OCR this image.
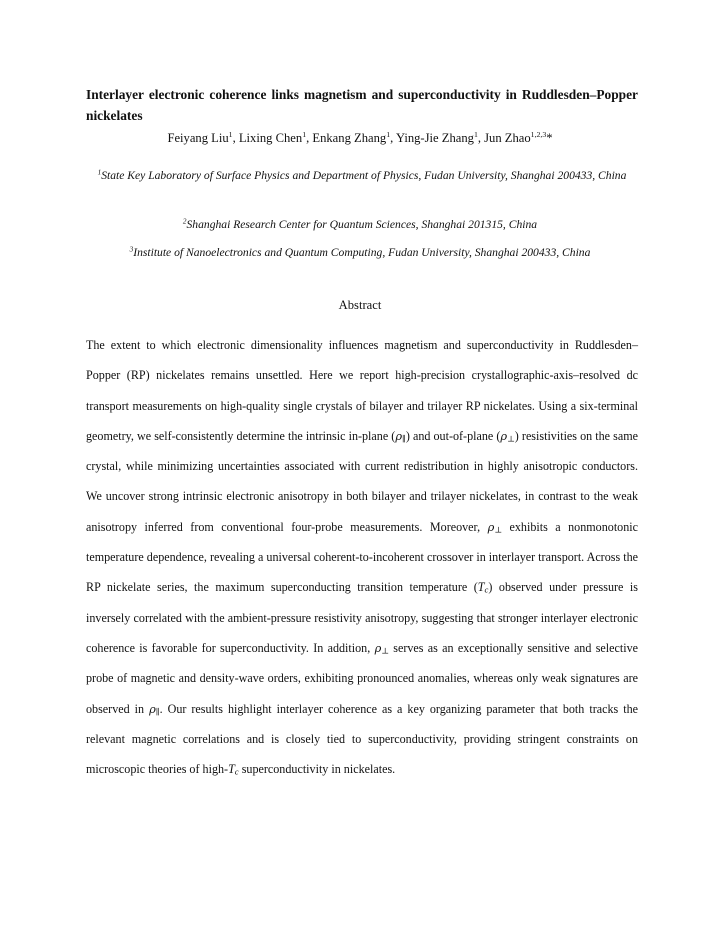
Interlayer electronic coherence links magnetism and superconductivity in Ruddlesden–Popper nickelates
Feiyang Liu$^1$, Lixing Chen$^1$, Enkang Zhang$^1$, Ying-Jie Zhang$^1$, Jun Zhao$^{1,2,3}$*
$^1$State Key Laboratory of Surface Physics and Department of Physics, Fudan University, Shanghai 200433, China
$^2$Shanghai Research Center for Quantum Sciences, Shanghai 201315, China
$^3$Institute of Nanoelectronics and Quantum Computing, Fudan University, Shanghai 200433, China
Abstract
The extent to which electronic dimensionality influences magnetism and superconductivity in Ruddlesden–Popper (RP) nickelates remains unsettled. Here we report high-precision crystallographic-axis–resolved dc transport measurements on high-quality single crystals of bilayer and trilayer RP nickelates. Using a six-terminal geometry, we self-consistently determine the intrinsic in-plane $(\rho_\parallel)$ and out-of-plane $(\rho_\perp)$ resistivities on the same crystal, while minimizing uncertainties associated with current redistribution in highly anisotropic conductors. We uncover strong intrinsic electronic anisotropy in both bilayer and trilayer nickelates, in contrast to the weak anisotropy inferred from conventional four-probe measurements. Moreover, $\rho_\perp$ exhibits a nonmonotonic temperature dependence, revealing a universal coherent-to-incoherent crossover in interlayer transport. Across the RP nickelate series, the maximum superconducting transition temperature $(T_c)$ observed under pressure is inversely correlated with the ambient-pressure resistivity anisotropy, suggesting that stronger interlayer electronic coherence is favorable for superconductivity. In addition, $\rho_\perp$ serves as an exceptionally sensitive and selective probe of magnetic and density-wave orders, exhibiting pronounced anomalies, whereas only weak signatures are observed in $\rho_\parallel$. Our results highlight interlayer coherence as a key organizing parameter that both tracks the relevant magnetic correlations and is closely tied to superconductivity, providing stringent constraints on microscopic theories of high-$T_c$ superconductivity in nickelates.
